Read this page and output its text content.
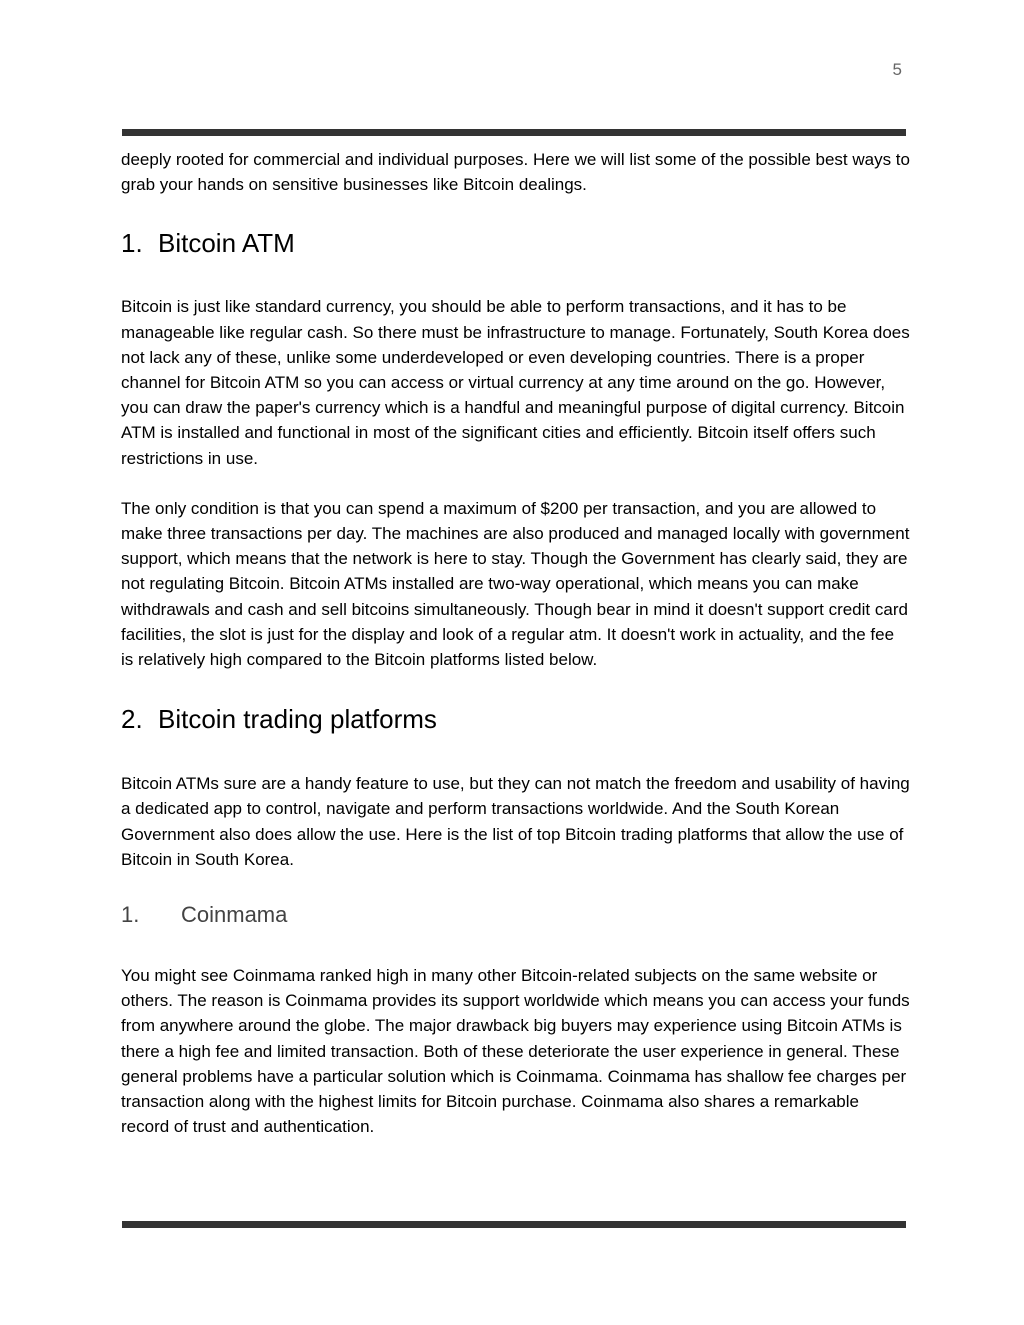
5

deeply rooted for commercial and individual purposes. Here we will list some of the possible best ways to grab your hands on sensitive businesses like Bitcoin dealings.

1. Bitcoin ATM

Bitcoin is just like standard currency, you should be able to perform transactions, and it has to be manageable like regular cash. So there must be infrastructure to manage. Fortunately, South Korea does not lack any of these, unlike some underdeveloped or even developing countries. There is a proper channel for Bitcoin ATM so you can access or virtual currency at any time around on the go. However, you can draw the paper's currency which is a handful and meaningful purpose of digital currency. Bitcoin ATM is installed and functional in most of the significant cities and efficiently. Bitcoin itself offers such restrictions in use.

The only condition is that you can spend a maximum of $200 per transaction, and you are allowed to make three transactions per day. The machines are also produced and managed locally with government support, which means that the network is here to stay. Though the Government has clearly said, they are not regulating Bitcoin. Bitcoin ATMs installed are two-way operational, which means you can make withdrawals and cash and sell bitcoins simultaneously. Though bear in mind it doesn't support credit card facilities, the slot is just for the display and look of a regular atm. It doesn't work in actuality, and the fee is relatively high compared to the Bitcoin platforms listed below.

2. Bitcoin trading platforms

Bitcoin ATMs sure are a handy feature to use, but they can not match the freedom and usability of having a dedicated app to control, navigate and perform transactions worldwide. And the South Korean Government also does allow the use. Here is the list of top Bitcoin trading platforms that allow the use of Bitcoin in South Korea.

1. Coinmama

You might see Coinmama ranked high in many other Bitcoin-related subjects on the same website or others. The reason is Coinmama provides its support worldwide which means you can access your funds from anywhere around the globe. The major drawback big buyers may experience using Bitcoin ATMs is there a high fee and limited transaction. Both of these deteriorate the user experience in general. These general problems have a particular solution which is Coinmama. Coinmama has shallow fee charges per transaction along with the highest limits for Bitcoin purchase. Coinmama also shares a remarkable record of trust and authentication.
